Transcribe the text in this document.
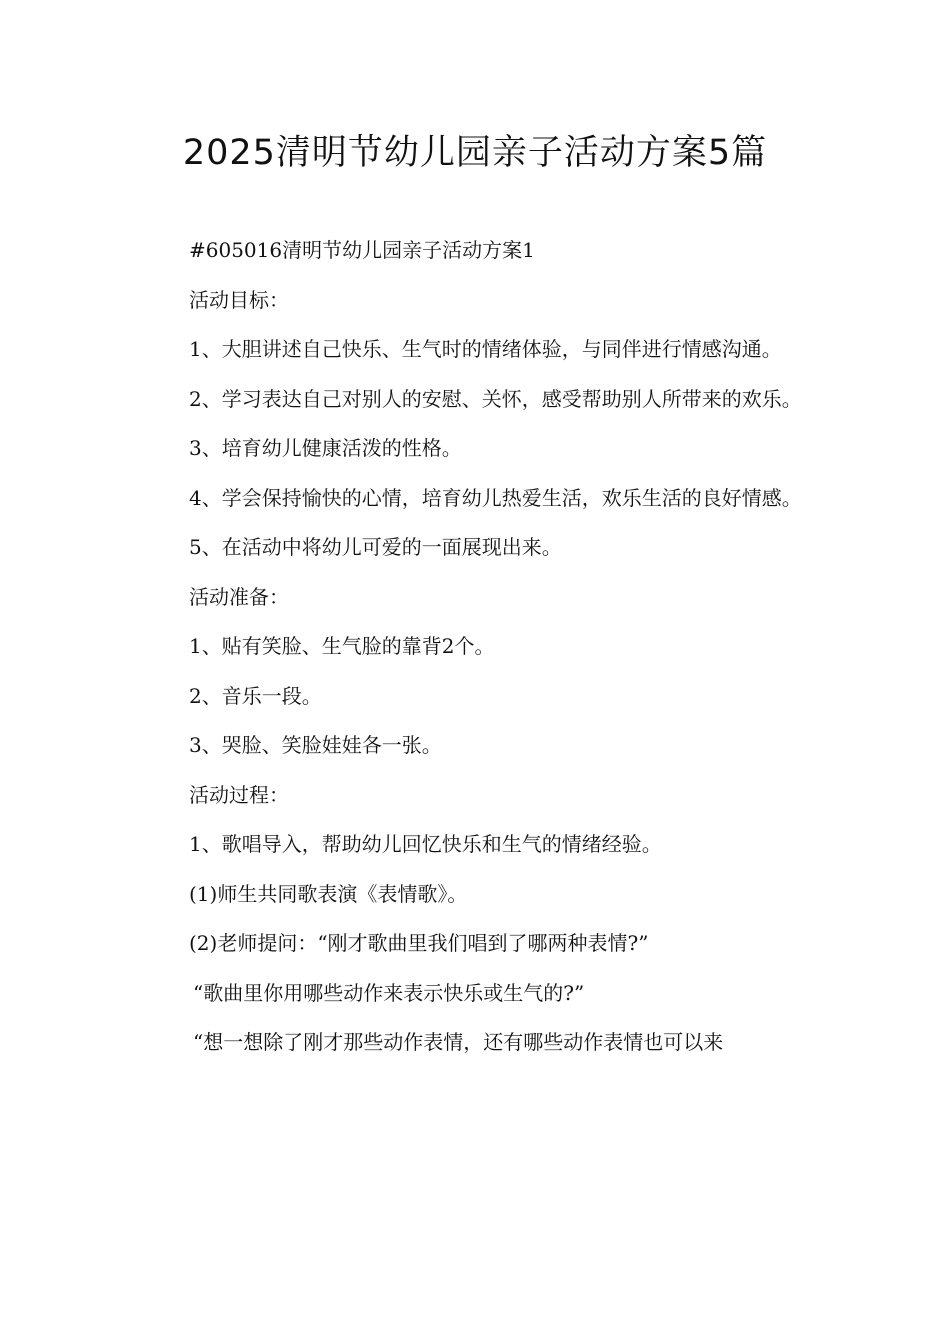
2025清明节幼儿园亲子活动方案5篇

#605016清明节幼儿园亲子活动方案1

活动目标：

1、大胆讲述自己快乐、生气时的情绪体验，与同伴进行情感沟通。

2、学习表达自己对别人的安慰、关怀，感受帮助别人所带来的欢乐。

3、培育幼儿健康活泼的性格。

4、学会保持愉快的心情，培育幼儿热爱生活，欢乐生活的良好情感。

5、在活动中将幼儿可爱的一面展现出来。

活动准备：

1、贴有笑脸、生气脸的靠背2个。

2、音乐一段。

3、哭脸、笑脸娃娃各一张。

活动过程：

1、歌唱导入，帮助幼儿回忆快乐和生气的情绪经验。

(1)师生共同歌表演《表情歌》。

(2)老师提问：“刚才歌曲里我们唱到了哪两种表情?”

“歌曲里你用哪些动作来表示快乐或生气的?”

“想一想除了刚才那些动作表情，还有哪些动作表情也可以来
